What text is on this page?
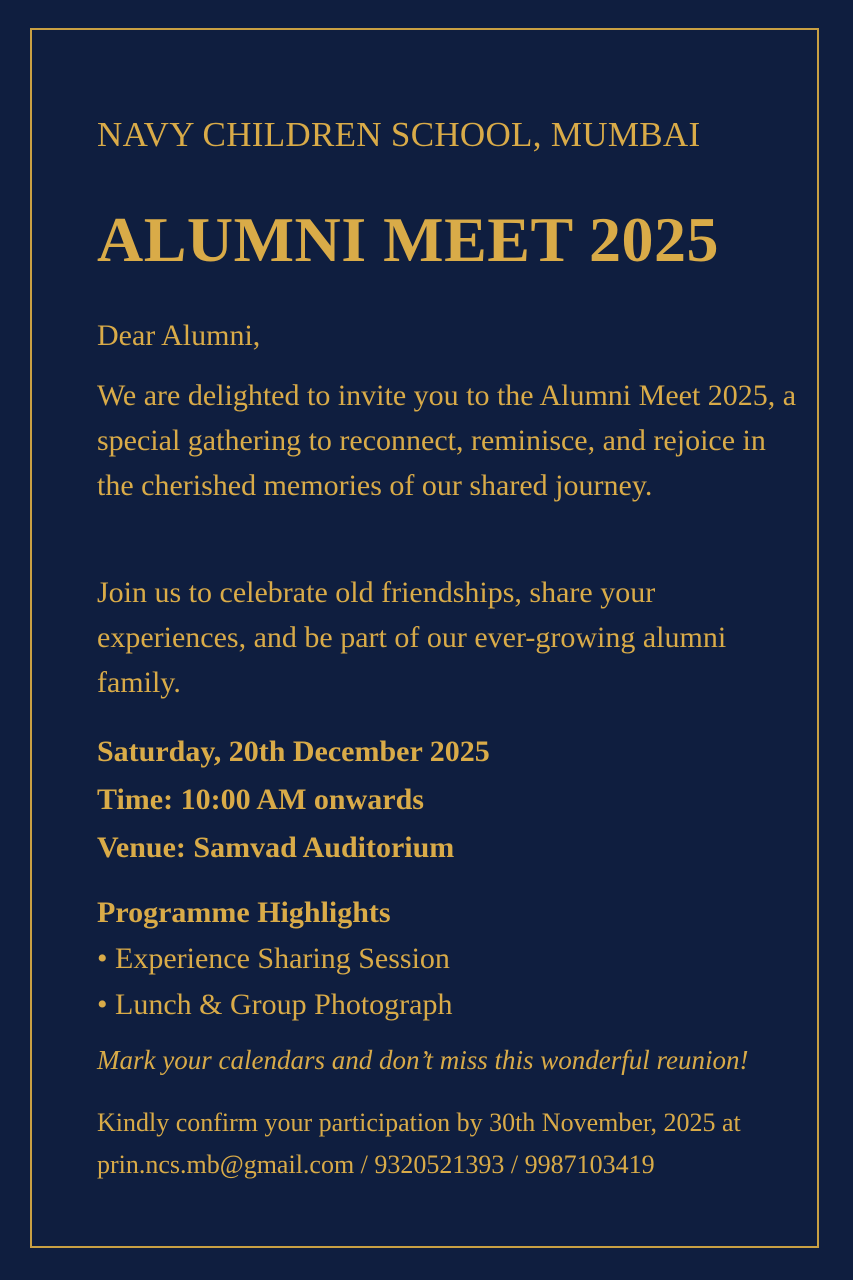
NAVY CHILDREN SCHOOL, MUMBAI
ALUMNI MEET 2025
Dear Alumni,
We are delighted to invite you to the Alumni Meet 2025, a special gathering to reconnect, reminisce, and rejoice in the cherished memories of our shared journey.
Join us to celebrate old friendships, share your experiences, and be part of our ever-growing alumni family.
Saturday, 20th December 2025
Time: 10:00 AM onwards
Venue: Samvad Auditorium
Programme Highlights
• Experience Sharing Session
• Lunch & Group Photograph
Mark your calendars and don’t miss this wonderful reunion!
Kindly confirm your participation by 30th November, 2025 at prin.ncs.mb@gmail.com / 9320521393 / 9987103419
